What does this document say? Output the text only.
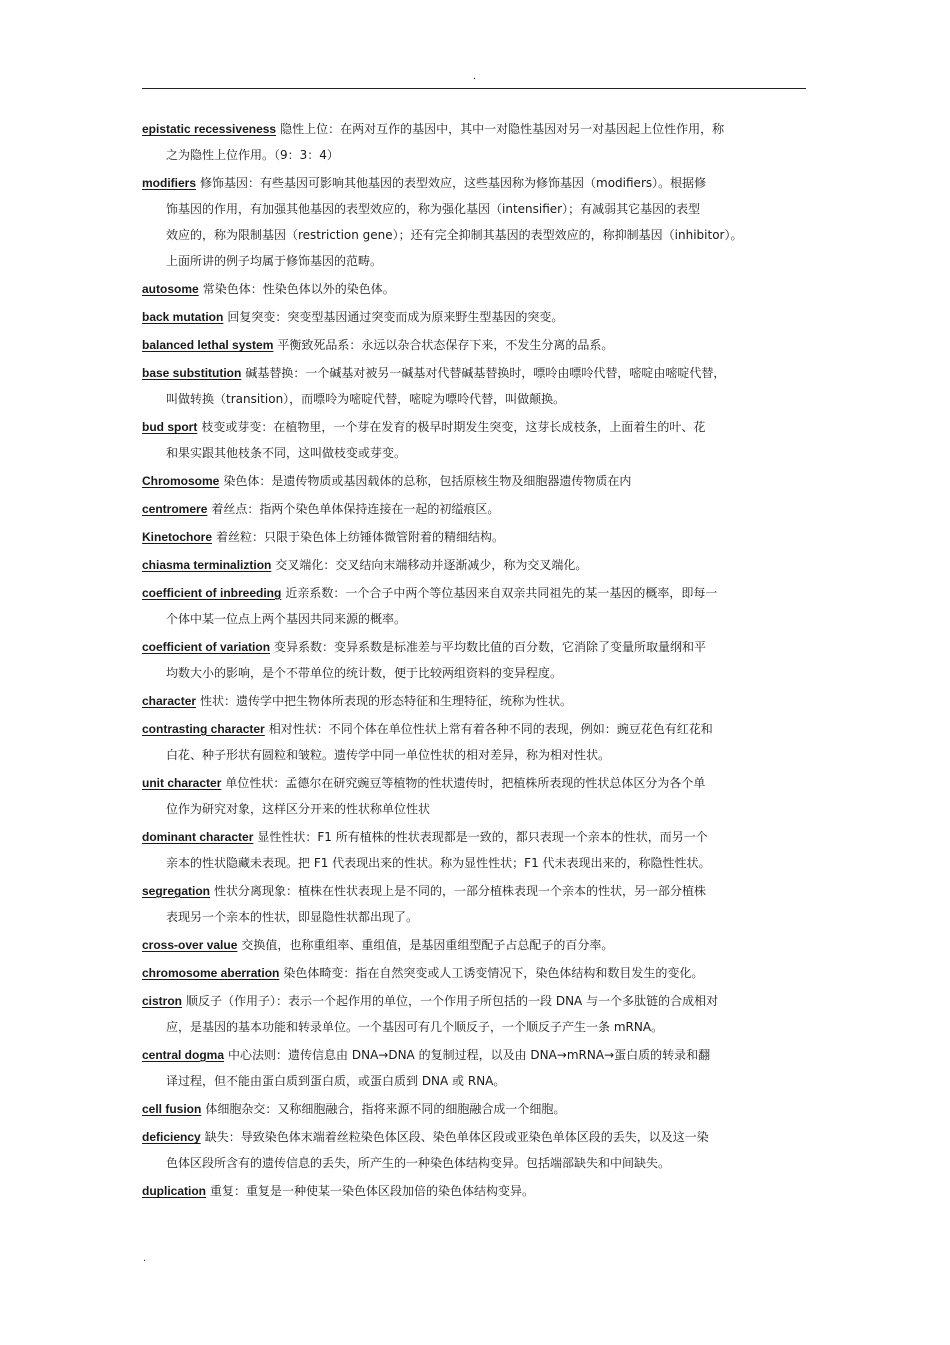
.
epistatic recessiveness 隐性上位：在两对互作的基因中，其中一对隐性基因对另一对基因起上位性作用，称
之为隐性上位作用。（9：3：4）
modifiers 修饰基因：有些基因可影响其他基因的表型效应，这些基因称为修饰基因（modifiers）。根据修
饰基因的作用，有加强其他基因的表型效应的，称为强化基因（intensifier）；有减弱其它基因的表型
效应的，称为限制基因（restriction gene）；还有完全抑制其基因的表型效应的，称抑制基因（inhibitor）。
上面所讲的例子均属于修饰基因的范畴。
autosome 常染色体：性染色体以外的染色体。
back mutation 回复突变：突变型基因通过突变而成为原来野生型基因的突变。
balanced lethal system 平衡致死品系：永远以杂合状态保存下来，不发生分离的品系。
base substitution 碱基替换：一个碱基对被另一碱基对代替碱基替换时，嘌呤由嘌呤代替，嘧啶由嘧啶代替，
叫做转换（transition），而嘌呤为嘧啶代替，嘧啶为嘌呤代替，叫做颠换。
bud sport 枝变或芽变：在植物里，一个芽在发育的极早时期发生突变，这芽长成枝条，上面着生的叶、花
和果实跟其他枝条不同，这叫做枝变或芽变。
Chromosome 染色体：是遗传物质或基因载体的总称，包括原核生物及细胞器遗传物质在内
centromere 着丝点：指两个染色单体保持连接在一起的初缢痕区。
Kinetochore 着丝粒：只限于染色体上纺锤体微管附着的精细结构。
chiasma terminaliztion 交叉端化：交叉结向末端移动并逐渐减少，称为交叉端化。
coefficient of inbreeding 近亲系数：一个合子中两个等位基因来自双亲共同祖先的某一基因的概率，即每一
个体中某一位点上两个基因共同来源的概率。
coefficient of variation 变异系数：变异系数是标准差与平均数比值的百分数，它消除了变量所取量纲和平
均数大小的影响，是个不带单位的统计数，便于比较两组资料的变异程度。
character 性状：遗传学中把生物体所表现的形态特征和生理特征，统称为性状。
contrasting character 相对性状：不同个体在单位性状上常有着各种不同的表现，例如：豌豆花色有红花和
白花、种子形状有圆粒和皱粒。遗传学中同一单位性状的相对差异，称为相对性状。
unit character 单位性状：孟德尔在研究豌豆等植物的性状遗传时，把植株所表现的性状总体区分为各个单
位作为研究对象，这样区分开来的性状称单位性状
dominant character 显性性状：F1 所有植株的性状表现都是一致的，都只表现一个亲本的性状，而另一个
亲本的性状隐藏未表现。把 F1 代表现出来的性状。称为显性性状；F1 代未表现出来的，称隐性性状。
segregation 性状分离现象：植株在性状表现上是不同的，一部分植株表现一个亲本的性状，另一部分植株
表现另一个亲本的性状，即显隐性状都出现了。
cross-over value 交换值，也称重组率、重组值，是基因重组型配子占总配子的百分率。
chromosome aberration 染色体畸变：指在自然突变或人工诱变情况下，染色体结构和数目发生的变化。
cistron 顺反子（作用子）：表示一个起作用的单位，一个作用子所包括的一段 DNA 与一个多肽链的合成相对
应，是基因的基本功能和转录单位。一个基因可有几个顺反子，一个顺反子产生一条 mRNA。
central dogma 中心法则：遗传信息由 DNA→DNA 的复制过程，以及由 DNA→mRNA→蛋白质的转录和翻
译过程，但不能由蛋白质到蛋白质，或蛋白质到 DNA 或 RNA。
cell fusion 体细胞杂交：又称细胞融合，指将来源不同的细胞融合成一个细胞。
deficiency 缺失：导致染色体末端着丝粒染色体区段、染色单体区段或亚染色单体区段的丢失，以及这一染
色体区段所含有的遗传信息的丢失，所产生的一种染色体结构变异。包括端部缺失和中间缺失。
duplication 重复：重复是一种使某一染色体区段加倍的染色体结构变异。
.
